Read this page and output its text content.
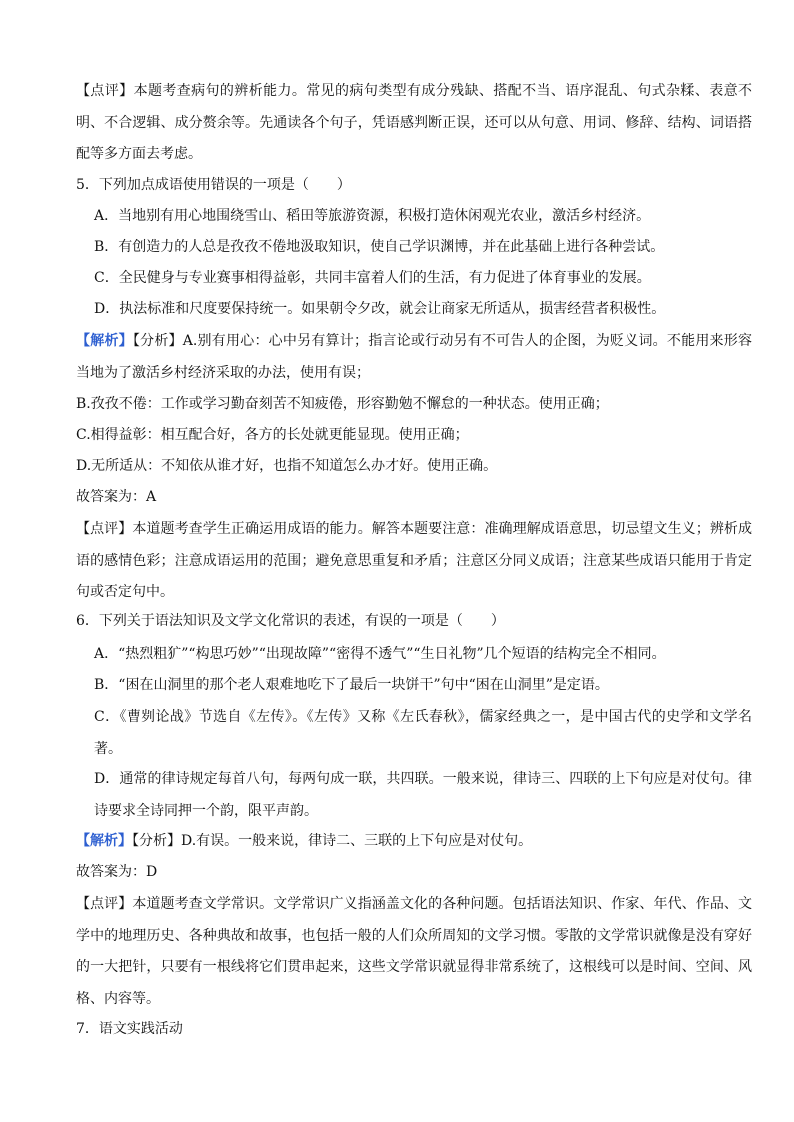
【点评】本题考查病句的辨析能力。常见的病句类型有成分残缺、搭配不当、语序混乱、句式杂糅、表意不明、不合逻辑、成分赘余等。先通读各个句子，凭语感判断正误，还可以从句意、用词、修辞、结构、词语搭配等多方面去考虑。

5．下列加点成语使用错误的一项是（　　）

A．当地别有用心地围绕雪山、稻田等旅游资源，积极打造休闲观光农业，激活乡村经济。

B．有创造力的人总是孜孜不倦地汲取知识，使自己学识渊博，并在此基础上进行各种尝试。

C．全民健身与专业赛事相得益彰，共同丰富着人们的生活，有力促进了体育事业的发展。

D．执法标准和尺度要保持统一。如果朝令夕改，就会让商家无所适从，损害经营者积极性。

【解析】【分析】A.别有用心：心中另有算计；指言论或行动另有不可告人的企图，为贬义词。不能用来形容当地为了激活乡村经济采取的办法，使用有误；

B.孜孜不倦：工作或学习勤奋刻苦不知疲倦，形容勤勉不懈怠的一种状态。使用正确；

C.相得益彰：相互配合好，各方的长处就更能显现。使用正确；

D.无所适从：不知依从谁才好，也指不知道怎么办才好。使用正确。

故答案为：A

【点评】本道题考查学生正确运用成语的能力。解答本题要注意：准确理解成语意思，切忌望文生义；辨析成语的感情色彩；注意成语运用的范围；避免意思重复和矛盾；注意区分同义成语；注意某些成语只能用于肯定句或否定句中。

6．下列关于语法知识及文学文化常识的表述，有误的一项是（　　）

A．“热烈粗犷”“构思巧妙”“出现故障”“密得不透气”“生日礼物”几个短语的结构完全不相同。

B．“困在山洞里的那个老人艰难地吃下了最后一块饼干”句中“困在山洞里”是定语。

C．《曹刿论战》节选自《左传》。《左传》又称《左氏春秋》，儒家经典之一，是中国古代的史学和文学名著。

D．通常的律诗规定每首八句，每两句成一联，共四联。一般来说，律诗三、四联的上下句应是对仗句。律诗要求全诗同押一个韵，限平声韵。

【解析】【分析】D.有误。一般来说，律诗二、三联的上下句应是对仗句。

故答案为：D

【点评】本道题考查文学常识。文学常识广义指涵盖文化的各种问题。包括语法知识、作家、年代、作品、文学中的地理历史、各种典故和故事，也包括一般的人们众所周知的文学习惯。零散的文学常识就像是没有穿好的一大把针，只要有一根线将它们贯串起来，这些文学常识就显得非常系统了，这根线可以是时间、空间、风格、内容等。

7．语文实践活动
